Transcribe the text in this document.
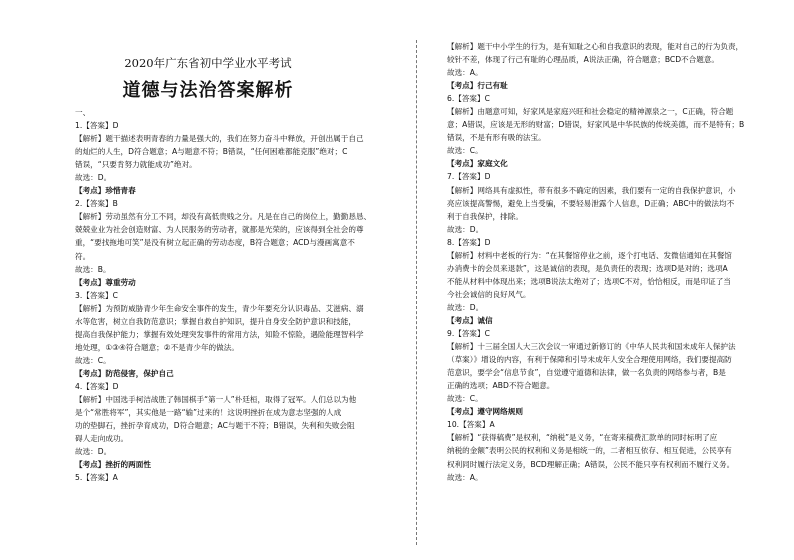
2020年广东省初中学业水平考试
道德与法治答案解析
一、
1.【答案】D
【解析】题干描述表明青春的力量是强大的，我们在努力奋斗中释放，开创出属于自己
的灿烂的人生，D符合题意；A与题意不符；B错误，“任何困难都能克服”绝对；C
错误，“只要肯努力就能成功”绝对。
故选：D。
【考点】珍惜青春
2.【答案】B
【解析】劳动虽然有分工不同，却没有高低贵贱之分。凡是在自己的岗位上，勤勤恳恳、
兢兢业业为社会创造财富、为人民服务的劳动者，就都是光荣的，应该得到全社会的尊
重，“要找拖地可笑”是没有树立起正确的劳动态度，B符合题意；ACD与漫画寓意不
符。
故选：B。
【考点】尊重劳动
3.【答案】C
【解析】为预防威胁青少年生命安全事件的发生，青少年要充分认识毒品、艾滋病、溺
水等危害，树立自我防范意识；掌握自救自护知识，提升自身安全防护意识和技能，
提高自我保护能力；掌握有效处理突发事件的常用方法，知险不惊险，遇险能理智科学
地处理，①③④符合题意；②不是青少年的做法。
故选：C。
【考点】防范侵害，保护自己
4.【答案】D
【解析】中国选手柯洁战胜了韩国棋手“第一人”朴廷桓，取得了冠军。人们总以为他
是个“常胜将军”，其实他是一路“输”过来的！这说明挫折在成为意志坚强的人成
功的垫脚石，挫折孕育成功，D符合题意；AC与题干不符；B错误，失利和失败会阻
碍人走向成功。
故选：D。
【考点】挫折的两面性
5.【答案】A
【解析】题干中小学生的行为，是有知耻之心和自我意识的表现，能对自己的行为负责，
较针不差，体现了行己有耻的心理品质，A说法正确，符合题意；BCD不合题意。
故选：A。
【考点】行己有耻
6.【答案】C
【解析】由题意可知，好家风是家庭兴旺和社会稳定的精神源泉之一，C正确，符合题
意；A错误，应该是无形的财富；D错误，好家风是中华民族的传统美德，而不是特有；B
错误，不是有形有吸的法宝。
故选：C。
【考点】家庭文化
7.【答案】D
【解析】网络具有虚拟性，带有很多不确定的因素，我们要有一定的自我保护意识，小
亮应该提高警惕，避免上当受骗，不要轻易泄露个人信息，D正确；ABC中的做法均不
利于自我保护，排除。
故选：D。
8.【答案】D
【解析】材料中老板的行为：“在其餐馆停业之前，逐个打电话、发微信通知在其餐馆
办消费卡的会员来退款”，这是诚信的表现，是负责任的表现；选项D是对的；选项A
不能从材料中体现出来；选项B说法太绝对了；选项C不对，恰恰相反，而是印证了当
今社会诚信的良好风气。
故选：D。
【考点】诚信
9.【答案】C
【解析】十三届全国人大三次会议一审通过新修订的《中华人民共和国未成年人保护法
（草案）》增设的内容，有利于保障和引导未成年人安全合理使用网络，我们要提高防
范意识，要学会“信息节食”，自觉遵守道德和法律，做一名负责的网络参与者，B是
正确的选项；ABD不符合题意。
故选：C。
【考点】遵守网络规则
10.【答案】A
【解析】“获得稿费”是权利，“纳税”是义务，“在寄来稿费汇款单的同时标明了应
纳税的金额”表明公民的权利和义务是相统一的，二者相互依存、相互促进，公民享有
权利同时履行法定义务，BCD理解正确；A错误，公民不能只享有权利而不履行义务。
故选：A。
